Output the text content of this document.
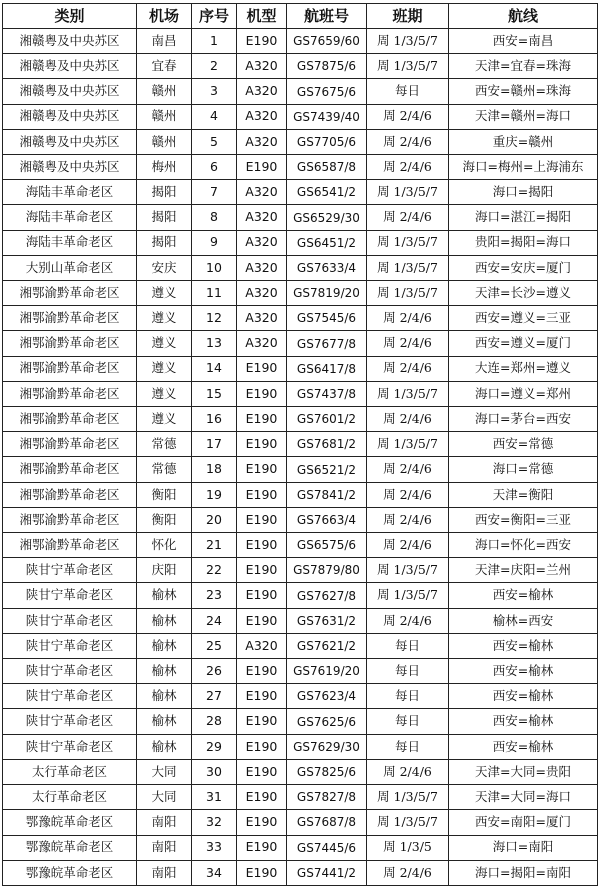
类别	机场	序号	机型	航班号	班期	航线
湘赣粤及中央苏区	南昌	1	E190	GS7659/60	周 1/3/5/7	西安=南昌
湘赣粤及中央苏区	宜春	2	A320	GS7875/6	周 1/3/5/7	天津=宜春=珠海
湘赣粤及中央苏区	赣州	3	A320	GS7675/6	每日	西安=赣州=珠海
湘赣粤及中央苏区	赣州	4	A320	GS7439/40	周 2/4/6	天津=赣州=海口
湘赣粤及中央苏区	赣州	5	A320	GS7705/6	周 2/4/6	重庆=赣州
湘赣粤及中央苏区	梅州	6	E190	GS6587/8	周 2/4/6	海口=梅州=上海浦东
海陆丰革命老区	揭阳	7	A320	GS6541/2	周 1/3/5/7	海口=揭阳
海陆丰革命老区	揭阳	8	A320	GS6529/30	周 2/4/6	海口=湛江=揭阳
海陆丰革命老区	揭阳	9	A320	GS6451/2	周 1/3/5/7	贵阳=揭阳=海口
大别山革命老区	安庆	10	A320	GS7633/4	周 1/3/5/7	西安=安庆=厦门
湘鄂渝黔革命老区	遵义	11	A320	GS7819/20	周 1/3/5/7	天津=长沙=遵义
湘鄂渝黔革命老区	遵义	12	A320	GS7545/6	周 2/4/6	西安=遵义=三亚
湘鄂渝黔革命老区	遵义	13	A320	GS7677/8	周 2/4/6	西安=遵义=厦门
湘鄂渝黔革命老区	遵义	14	E190	GS6417/8	周 2/4/6	大连=郑州=遵义
湘鄂渝黔革命老区	遵义	15	E190	GS7437/8	周 1/3/5/7	海口=遵义=郑州
湘鄂渝黔革命老区	遵义	16	E190	GS7601/2	周 2/4/6	海口=茅台=西安
湘鄂渝黔革命老区	常德	17	E190	GS7681/2	周 1/3/5/7	西安=常德
湘鄂渝黔革命老区	常德	18	E190	GS6521/2	周 2/4/6	海口=常德
湘鄂渝黔革命老区	衡阳	19	E190	GS7841/2	周 2/4/6	天津=衡阳
湘鄂渝黔革命老区	衡阳	20	E190	GS7663/4	周 2/4/6	西安=衡阳=三亚
湘鄂渝黔革命老区	怀化	21	E190	GS6575/6	周 2/4/6	海口=怀化=西安
陕甘宁革命老区	庆阳	22	E190	GS7879/80	周 1/3/5/7	天津=庆阳=兰州
陕甘宁革命老区	榆林	23	E190	GS7627/8	周 1/3/5/7	西安=榆林
陕甘宁革命老区	榆林	24	E190	GS7631/2	周 2/4/6	榆林=西安
陕甘宁革命老区	榆林	25	A320	GS7621/2	每日	西安=榆林
陕甘宁革命老区	榆林	26	E190	GS7619/20	每日	西安=榆林
陕甘宁革命老区	榆林	27	E190	GS7623/4	每日	西安=榆林
陕甘宁革命老区	榆林	28	E190	GS7625/6	每日	西安=榆林
陕甘宁革命老区	榆林	29	E190	GS7629/30	每日	西安=榆林
太行革命老区	大同	30	E190	GS7825/6	周 2/4/6	天津=大同=贵阳
太行革命老区	大同	31	E190	GS7827/8	周 1/3/5/7	天津=大同=海口
鄂豫皖革命老区	南阳	32	E190	GS7687/8	周 1/3/5/7	西安=南阳=厦门
鄂豫皖革命老区	南阳	33	E190	GS7445/6	周 1/3/5	海口=南阳
鄂豫皖革命老区	南阳	34	E190	GS7441/2	周 2/4/6	海口=揭阳=南阳
